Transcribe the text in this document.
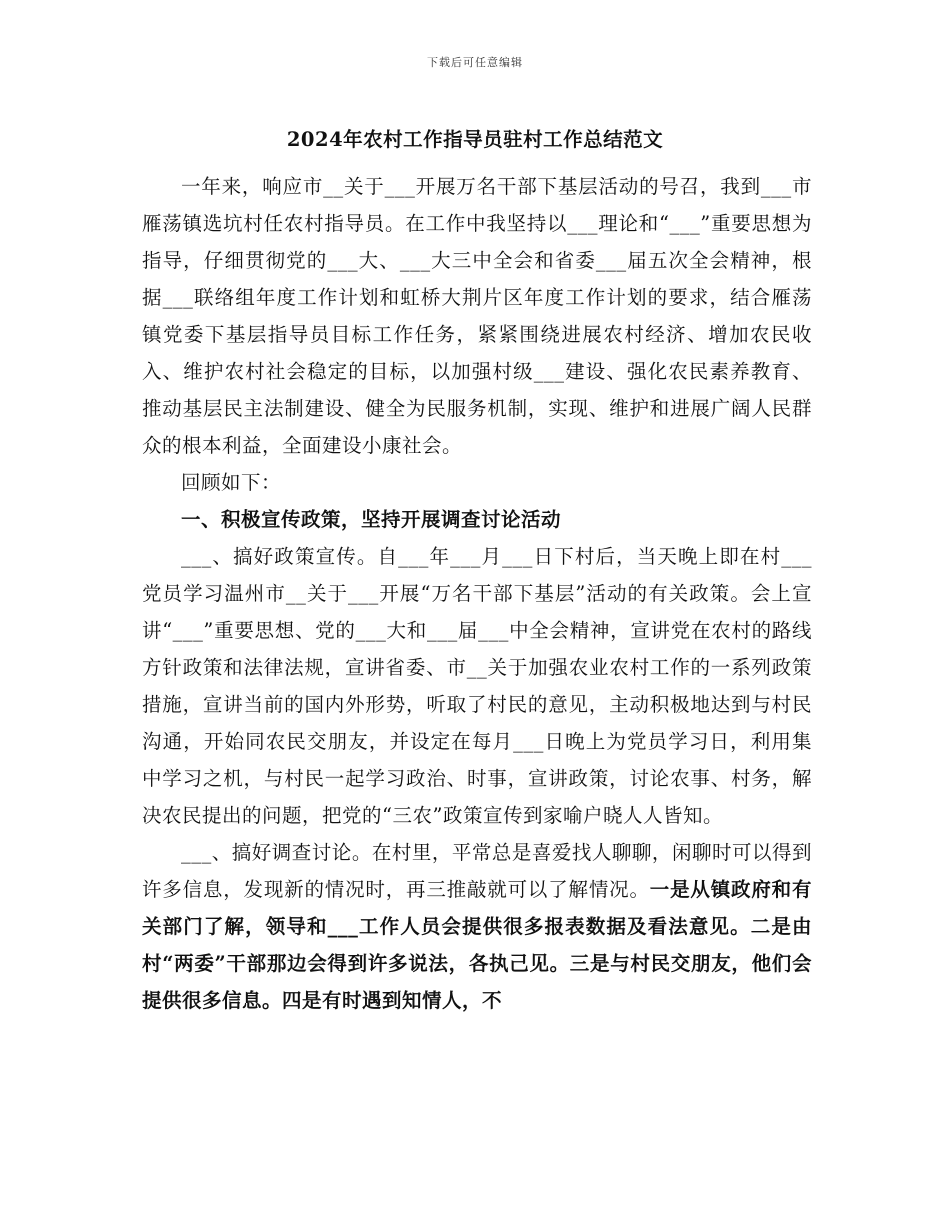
下载后可任意编辑
2024年农村工作指导员驻村工作总结范文

一年来，响应市__关于___开展万名干部下基层活动的号召，我到___市雁荡镇选坑村任农村指导员。在工作中我坚持以___理论和“___”重要思想为指导，仔细贯彻党的___大、___大三中全会和省委___届五次全会精神，根据___联络组年度工作计划和虹桥大荆片区年度工作计划的要求，结合雁荡镇党委下基层指导员目标工作任务，紧紧围绕进展农村经济、增加农民收入、维护农村社会稳定的目标，以加强村级___建设、强化农民素养教育、推动基层民主法制建设、健全为民服务机制，实现、维护和进展广阔人民群众的根本利益，全面建设小康社会。

回顾如下：

一、积极宣传政策，坚持开展调查讨论活动

___、搞好政策宣传。自___年___月___日下村后，当天晚上即在村___党员学习温州市__关于___开展“万名干部下基层”活动的有关政策。会上宣讲“___”重要思想、党的___大和___届___中全会精神，宣讲党在农村的路线方针政策和法律法规，宣讲省委、市__关于加强农业农村工作的一系列政策措施，宣讲当前的国内外形势，听取了村民的意见，主动积极地达到与村民沟通，开始同农民交朋友，并设定在每月___日晚上为党员学习日，利用集中学习之机，与村民一起学习政治、时事，宣讲政策，讨论农事、村务，解决农民提出的问题，把党的“三农”政策宣传到家喻户晓人人皆知。

___、搞好调查讨论。在村里，平常总是喜爱找人聊聊，闲聊时可以得到许多信息，发现新的情况时，再三推敲就可以了解情况。一是从镇政府和有关部门了解，领导和___工作人员会提供很多报表数据及看法意见。二是由村“两委”干部那边会得到许多说法，各执己见。三是与村民交朋友，他们会提供很多信息。四是有时遇到知情人，不
